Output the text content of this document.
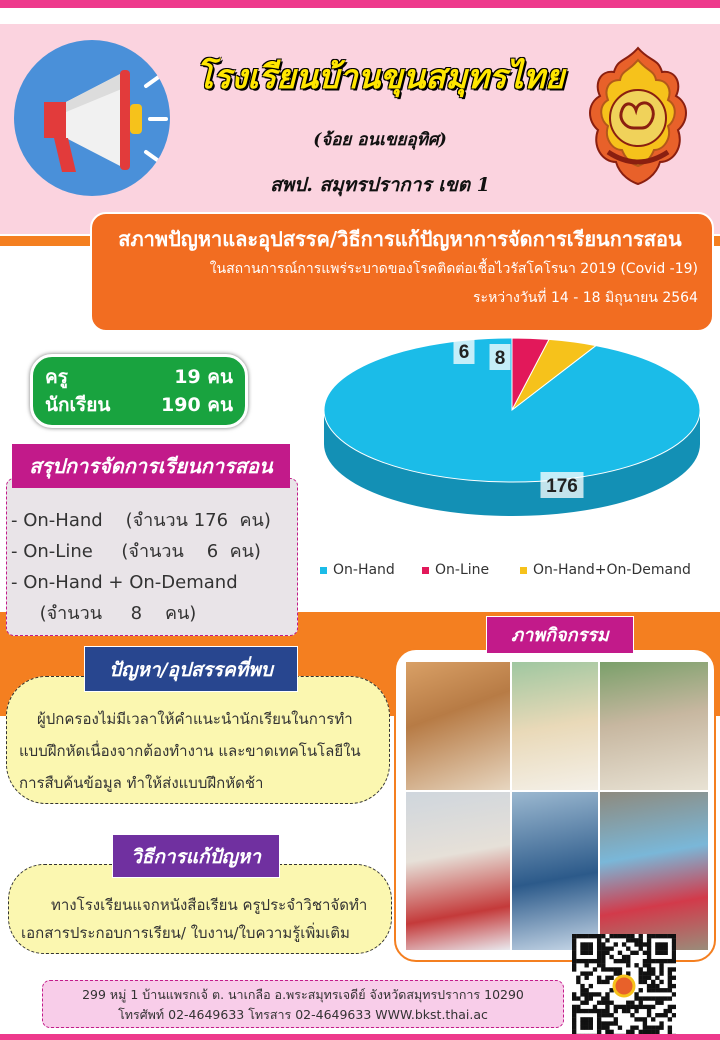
โรงเรียนบ้านขุนสมุทรไทย
(จ้อย อนเขยอุทิศ)
สพป. สมุทรปราการ เขต 1
สภาพปัญหาและอุปสรรค/วิธีการแก้ปัญหาการจัดการเรียนการสอน
ในสถานการณ์การแพร่ระบาดของโรคติดต่อเชื้อไวรัสโคโรนา 2019 (Covid -19)
ระหว่างวันที่ 14 - 18 มิถุนายน 2564
ครู	19 คน
นักเรียน	190 คน
- On-Hand    (จำนวน 176  คน)
- On-Line     (จำนวน    6  คน)
- On-Hand + On-Demand
(จำนวน     8    คน)
สรุปการจัดการเรียนการสอน
176
6 8
On-Hand	On-Line	On-Hand+On-Demand
ภาพกิจกรรม
ผู้ปกครองไม่มีเวลาให้คำแนะนำนักเรียนในการทำแบบฝึกหัดเนื่องจากต้องทำงาน และขาดเทคโนโลยีในการสืบค้นข้อมูล ทำให้ส่งแบบฝึกหัดช้า
ปัญหา/อุปสรรคที่พบ
ทางโรงเรียนแจกหนังสือเรียน ครูประจำวิชาจัดทำเอกสารประกอบการเรียน/ ใบงาน/ใบความรู้เพิ่มเติม
วิธีการแก้ปัญหา
299 หมู่ 1 บ้านแพรกเจ้ ต. นาเกลือ อ.พระสมุทรเจดีย์ จังหวัดสมุทรปราการ 10290
โทรศัพท์ 02-4649633 โทรสาร 02-4649633 WWW.bkst.thai.ac
